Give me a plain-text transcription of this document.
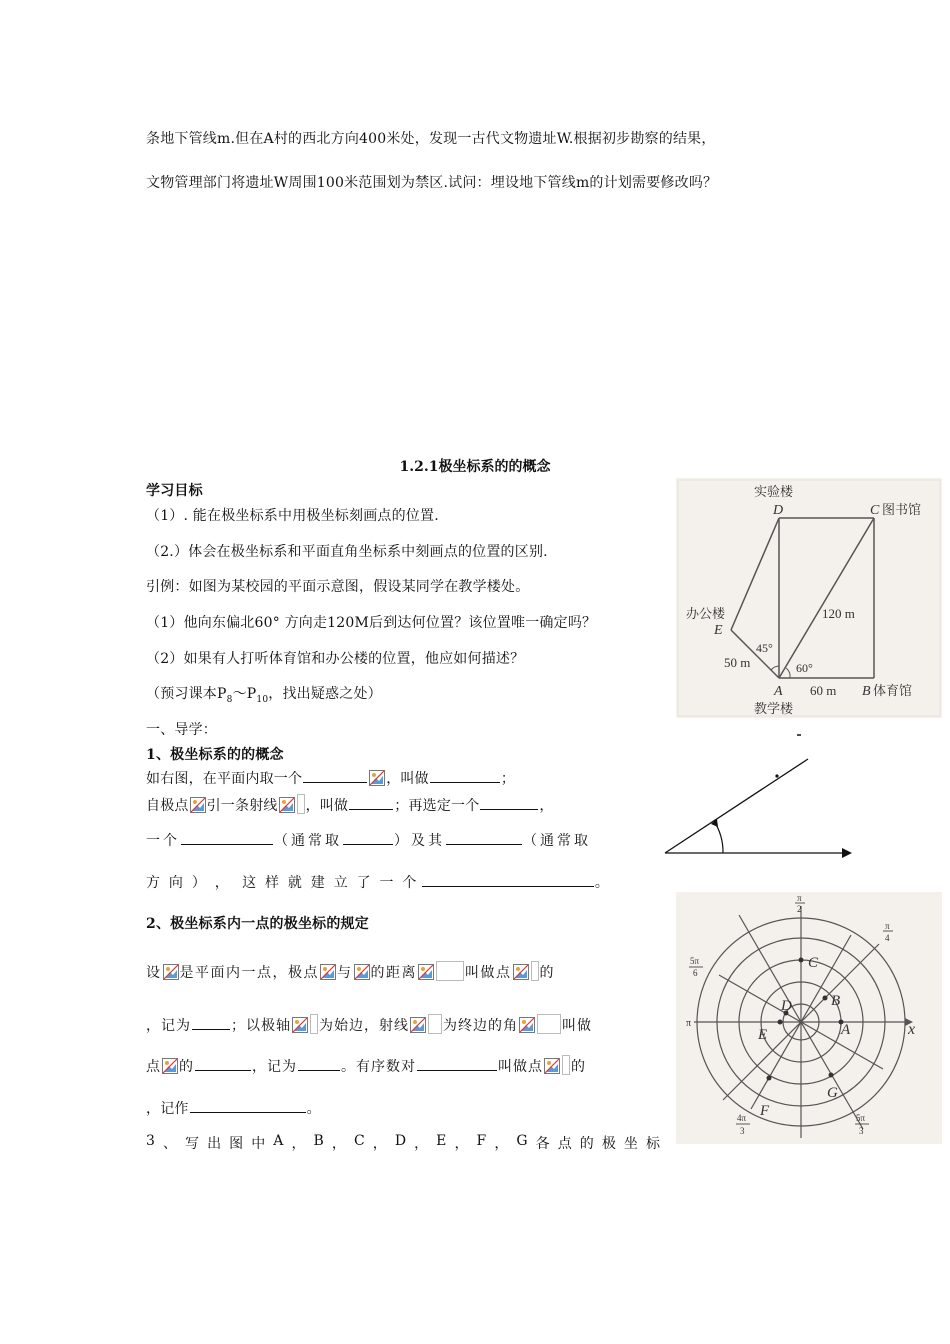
条地下管线m.但在A村的西北方向400米处，发现一古代文物遗址W.根据初步勘察的结果，
文物管理部门将遗址W周围100米范围划为禁区.试问：埋设地下管线m的计划需要修改吗？
1.2.1极坐标系的的概念
学习目标
（1）. 能在极坐标系中用极坐标刻画点的位置.
（2.）体会在极坐标系和平面直角坐标系中刻画点的位置的区别.
引例：如图为某校园的平面示意图，假设某同学在教学楼处。
（1）他向东偏北60° 方向走120M后到达何位置？该位置唯一确定吗？
（2）如果有人打听体育馆和办公楼的位置，他应如何描述？
（预习课本$P_8\sim P_{10}$，找出疑惑之处）
一、导学：
1、极坐标系的的概念
如右图，在平面内取一个	，叫做	；
自极点 引一条射线 ，叫做	；再选定一个	，
一个	（通常取	）及其	（通常取
方 向 ） ， 这 样 就 建 立 了 一 个	。
2、极坐标系内一点的极坐标的规定
设 是平面内一点，极点 与 的距离	叫做点 的
，记为	；以极轴 为始边，射线 为终边的角	叫做
点 的	，记为	。有序数对	叫做点 的
，记作	。
3 、 写 出 图 中 A ， B ， C ， D ， E ， F ， G 各 点 的 极 坐 标
实验楼
D	C 图书馆
办公楼
E
120 m
45°
50 m	60°
A 60 m B 体育馆
教学楼
π
2
π
4
5π
6
π	x
4π
3
5π
3
C
B
D
E	A
G
F
